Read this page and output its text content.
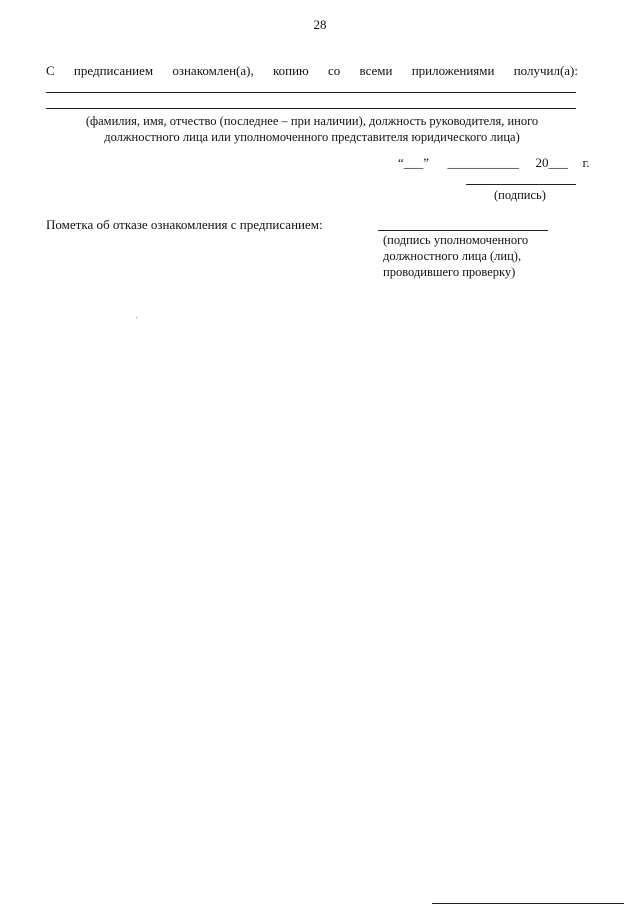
28
С предписанием ознакомлен(а), копию со всеми приложениями получил(а):
(фамилия, имя, отчество (последнее – при наличии), должность руководителя, иного
должностного лица или уполномоченного представителя юридического лица)
“___” ___________ 20___ г.
(подпись)
Пометка об отказе ознакомления с предписанием:
(подпись уполномоченного
должностного лица (лиц),
проводившего проверку)
